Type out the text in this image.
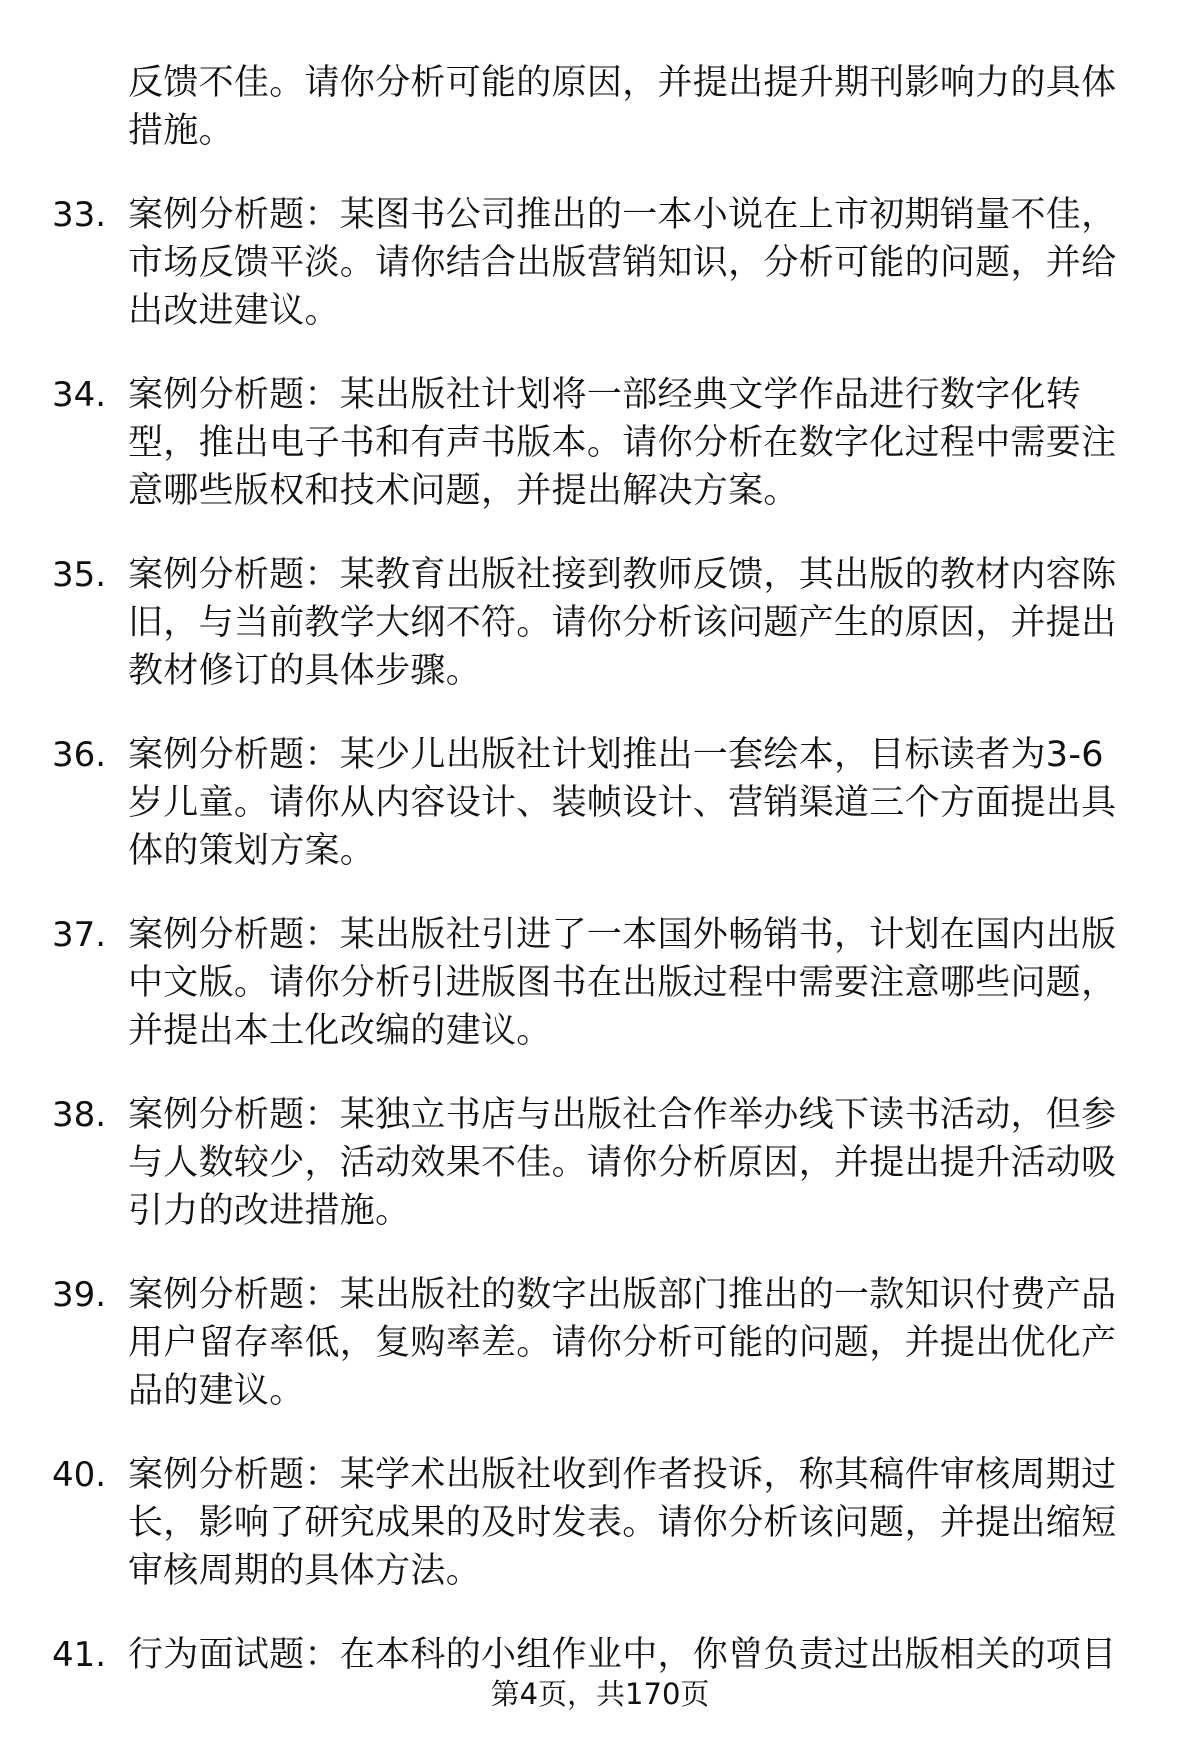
反馈不佳。请你分析可能的原因，并提出提升期刊影响力的具体
措施。
33. 案例分析题：某图书公司推出的一本小说在上市初期销量不佳，
市场反馈平淡。请你结合出版营销知识，分析可能的问题，并给
出改进建议。
34. 案例分析题：某出版社计划将一部经典文学作品进行数字化转
型，推出电子书和有声书版本。请你分析在数字化过程中需要注
意哪些版权和技术问题，并提出解决方案。
35. 案例分析题：某教育出版社接到教师反馈，其出版的教材内容陈
旧，与当前教学大纲不符。请你分析该问题产生的原因，并提出
教材修订的具体步骤。
36. 案例分析题：某少儿出版社计划推出一套绘本，目标读者为3-6
岁儿童。请你从内容设计、装帧设计、营销渠道三个方面提出具
体的策划方案。
37. 案例分析题：某出版社引进了一本国外畅销书，计划在国内出版
中文版。请你分析引进版图书在出版过程中需要注意哪些问题，
并提出本土化改编的建议。
38. 案例分析题：某独立书店与出版社合作举办线下读书活动，但参
与人数较少，活动效果不佳。请你分析原因，并提出提升活动吸
引力的改进措施。
39. 案例分析题：某出版社的数字出版部门推出的一款知识付费产品
用户留存率低，复购率差。请你分析可能的问题，并提出优化产
品的建议。
40. 案例分析题：某学术出版社收到作者投诉，称其稿件审核周期过
长，影响了研究成果的及时发表。请你分析该问题，并提出缩短
审核周期的具体方法。
41. 行为面试题：在本科的小组作业中，你曾负责过出版相关的项目
第4页，共170页
